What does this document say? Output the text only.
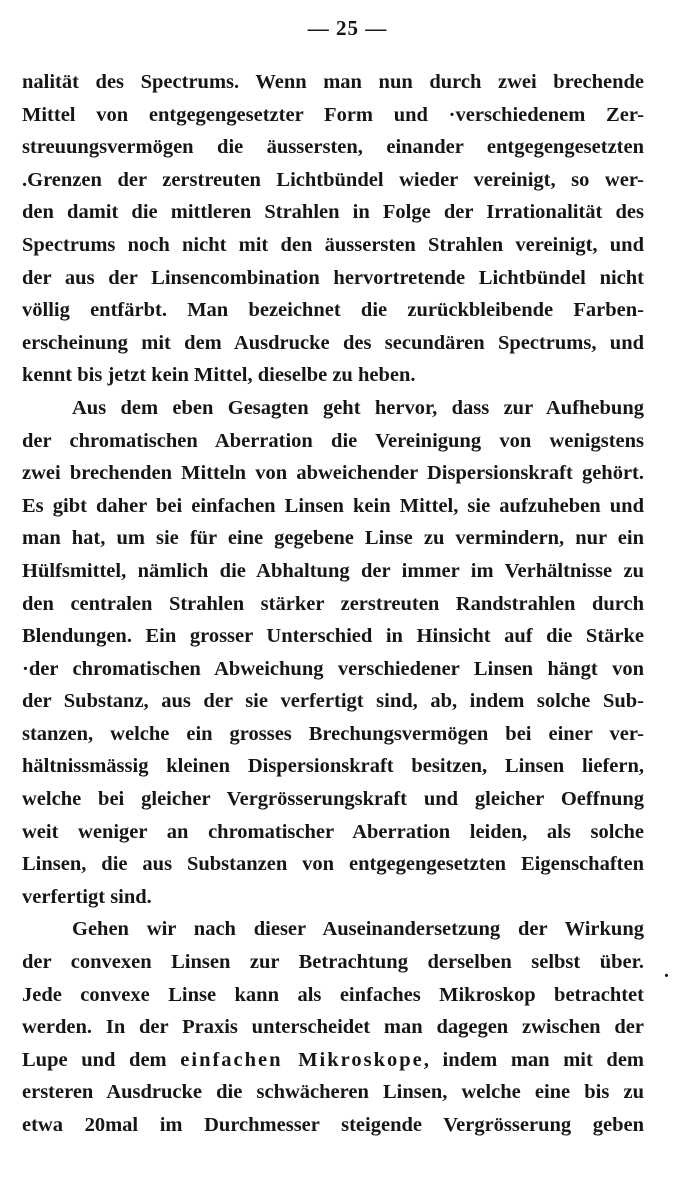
— 25 —
nalität des Spectrums. Wenn man nun durch zwei brechende
Mittel von entgegengesetzter Form und ·verschiedenem Zer-
streuungsvermögen die äussersten, einander entgegengesetzten
.Grenzen der zerstreuten Lichtbündel wieder vereinigt, so wer-
den damit die mittleren Strahlen in Folge der Irrationalität des
Spectrums noch nicht mit den äussersten Strahlen vereinigt, und
der aus der Linsencombination hervortretende Lichtbündel nicht
völlig entfärbt. Man bezeichnet die zurückbleibende Farben-
erscheinung mit dem Ausdrucke des secundären Spectrums, und
kennt bis jetzt kein Mittel, dieselbe zu heben.
Aus dem eben Gesagten geht hervor, dass zur Aufhebung
der chromatischen Aberration die Vereinigung von wenigstens
zwei brechenden Mitteln von abweichender Dispersionskraft gehört.
Es gibt daher bei einfachen Linsen kein Mittel, sie aufzuheben und
man hat, um sie für eine gegebene Linse zu vermindern, nur ein
Hülfsmittel, nämlich die Abhaltung der immer im Verhältnisse zu
den centralen Strahlen stärker zerstreuten Randstrahlen durch
Blendungen. Ein grosser Unterschied in Hinsicht auf die Stärke
·der chromatischen Abweichung verschiedener Linsen hängt von
der Substanz, aus der sie verfertigt sind, ab, indem solche Sub-
stanzen, welche ein grosses Brechungsvermögen bei einer ver-
hältnissmässig kleinen Dispersionskraft besitzen, Linsen liefern,
welche bei gleicher Vergrösserungskraft und gleicher Oeffnung
weit weniger an chromatischer Aberration leiden, als solche
Linsen, die aus Substanzen von entgegengesetzten Eigenschaften
verfertigt sind.
Gehen wir nach dieser Auseinandersetzung der Wirkung
der convexen Linsen zur Betrachtung derselben selbst über.
Jede convexe Linse kann als einfaches Mikroskop betrachtet
werden. In der Praxis unterscheidet man dagegen zwischen der
Lupe und dem einfachen Mikroskope, indem man mit dem
ersteren Ausdrucke die schwächeren Linsen, welche eine bis zu
etwa 20mal im Durchmesser steigende Vergrösserung geben
.
